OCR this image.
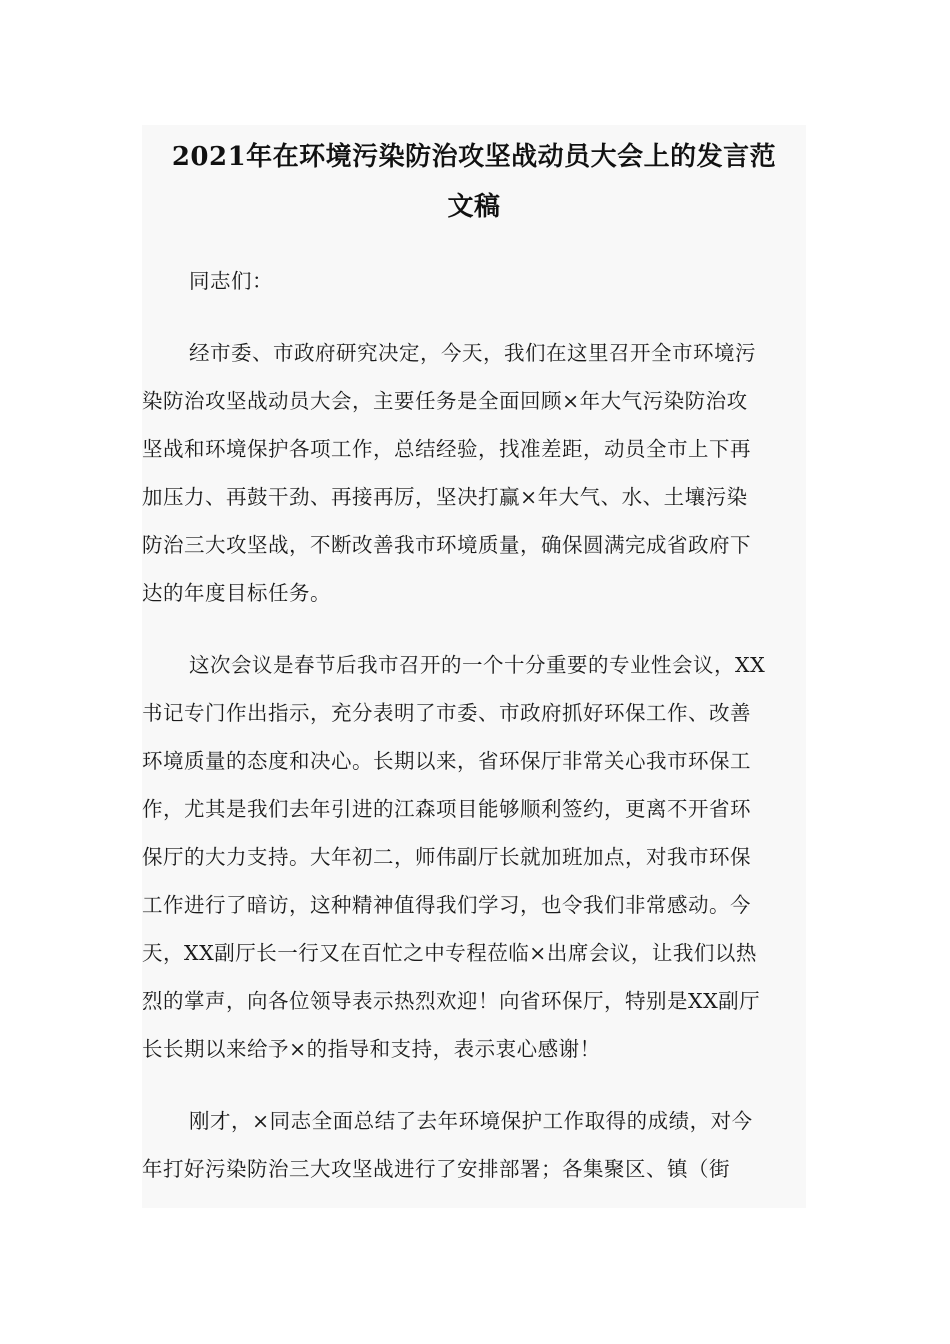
2021年在环境污染防治攻坚战动员大会上的发言范
文稿

同志们：

经市委、市政府研究决定，今天，我们在这里召开全市环境污
染防治攻坚战动员大会，主要任务是全面回顾×年大气污染防治攻
坚战和环境保护各项工作，总结经验，找准差距，动员全市上下再
加压力、再鼓干劲、再接再厉，坚决打赢×年大气、水、土壤污染
防治三大攻坚战，不断改善我市环境质量，确保圆满完成省政府下
达的年度目标任务。

这次会议是春节后我市召开的一个十分重要的专业性会议，XX
书记专门作出指示，充分表明了市委、市政府抓好环保工作、改善
环境质量的态度和决心。长期以来，省环保厅非常关心我市环保工
作，尤其是我们去年引进的江森项目能够顺利签约，更离不开省环
保厅的大力支持。大年初二，师伟副厅长就加班加点，对我市环保
工作进行了暗访，这种精神值得我们学习，也令我们非常感动。今
天，XX副厅长一行又在百忙之中专程莅临×出席会议，让我们以热
烈的掌声，向各位领导表示热烈欢迎！向省环保厅，特别是XX副厅
长长期以来给予×的指导和支持，表示衷心感谢！

刚才，×同志全面总结了去年环境保护工作取得的成绩，对今
年打好污染防治三大攻坚战进行了安排部署；各集聚区、镇（街
